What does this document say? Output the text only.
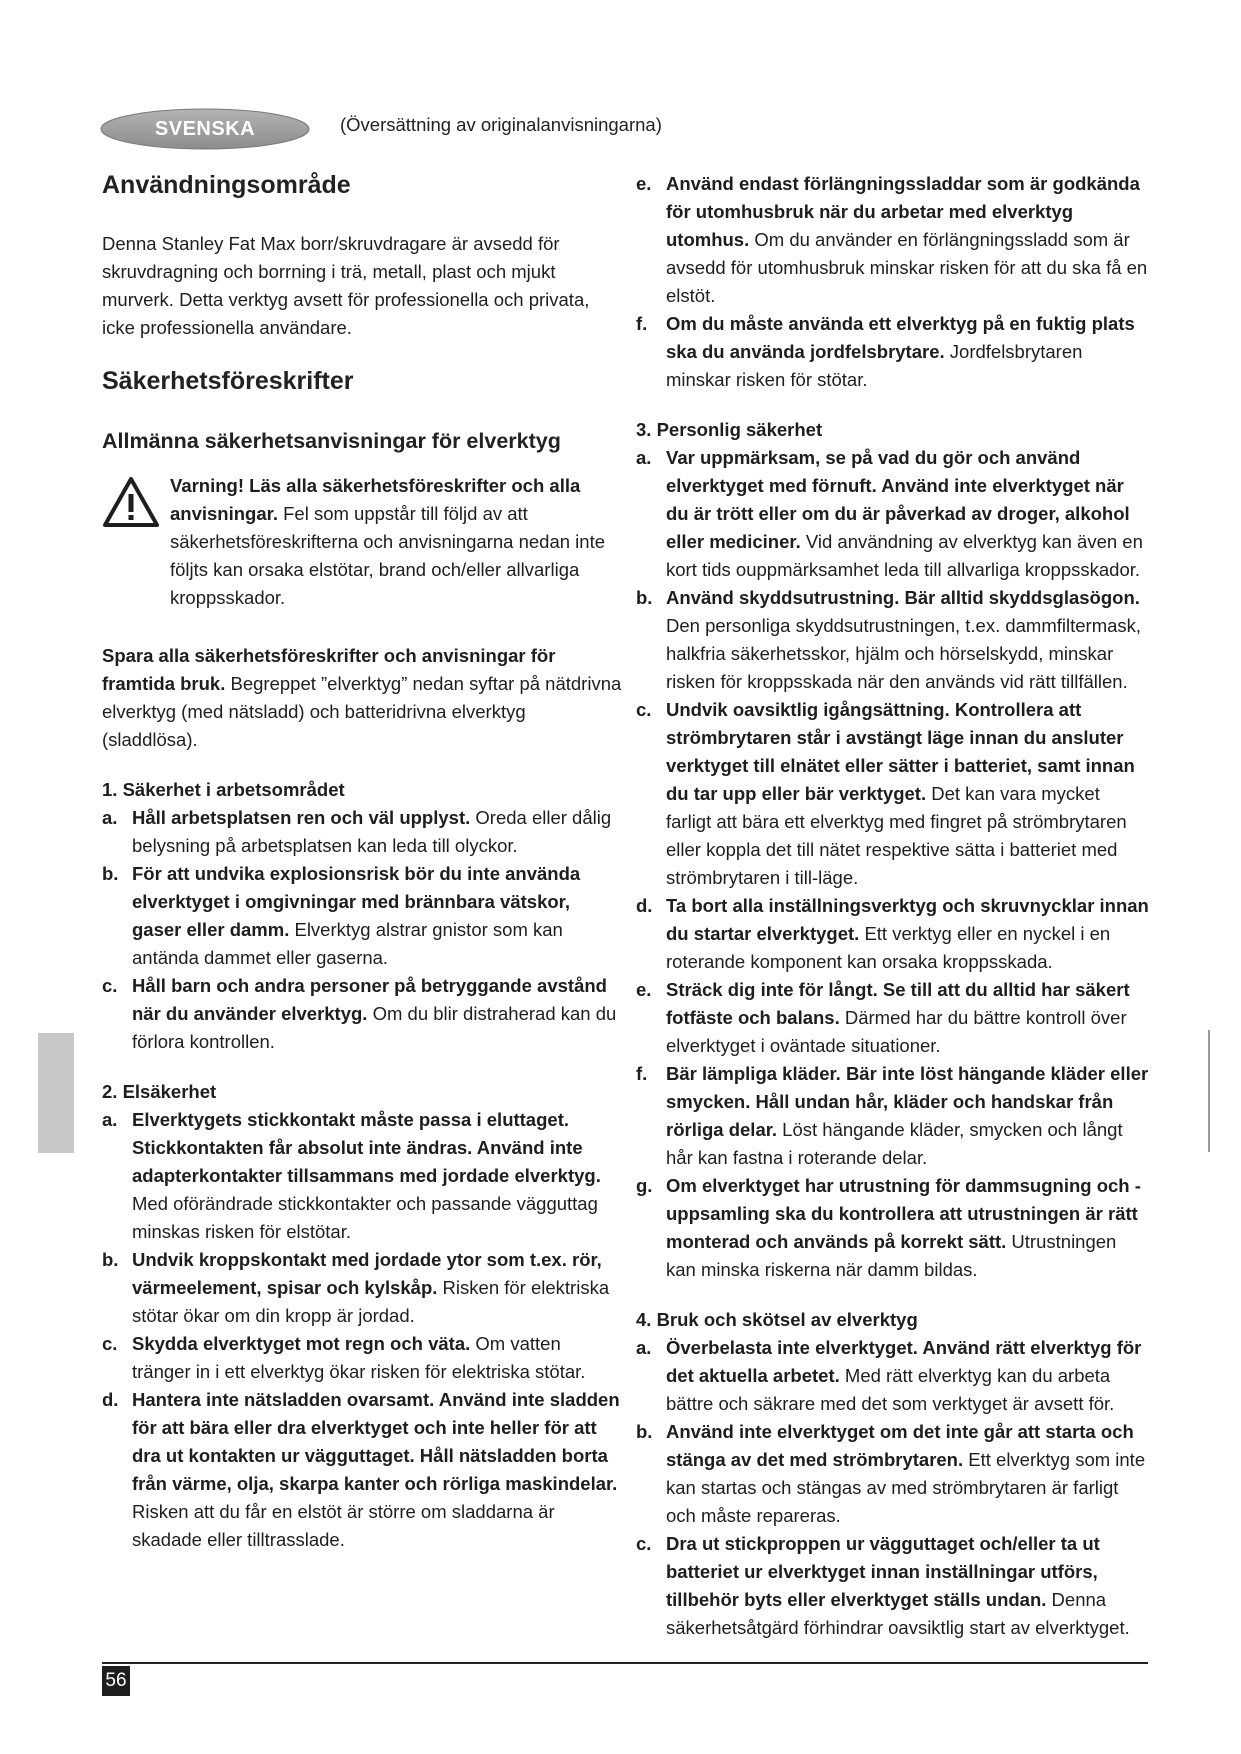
SVENSKA	(Översättning av originalanvisningarna)
Användningsområde

Denna Stanley Fat Max borr/skruvdragare är avsedd för skruvdragning och borrning i trä, metall, plast och mjukt murverk. Detta verktyg avsett för professionella och privata, icke professionella användare.

Säkerhetsföreskrifter
Allmänna säkerhetsanvisningar för elverktyg

Varning! Läs alla säkerhetsföreskrifter och alla anvisningar. Fel som uppstår till följd av att säkerhetsföreskrifterna och anvisningarna nedan inte följts kan orsaka elstötar, brand och/eller allvarliga kroppsskador.

Spara alla säkerhetsföreskrifter och anvisningar för framtida bruk. Begreppet ”elverktyg” nedan syftar på nätdrivna elverktyg (med nätsladd) och batteridrivna elverktyg (sladdlösa).

1. Säkerhet i arbetsområdet

a. Håll arbetsplatsen ren och väl upplyst. Oreda eller dålig belysning på arbetsplatsen kan leda till olyckor.

b. För att undvika explosionsrisk bör du inte använda elverktyget i omgivningar med brännbara vätskor, gaser eller damm. Elverktyg alstrar gnistor som kan antända dammet eller gaserna.

c. Håll barn och andra personer på betryggande avstånd när du använder elverktyg. Om du blir distraherad kan du förlora kontrollen.

2. Elsäkerhet

a. Elverktygets stickkontakt måste passa i eluttaget. Stickkontakten får absolut inte ändras. Använd inte adapterkontakter tillsammans med jordade elverktyg. Med oförändrade stickkontakter och passande vägguttag minskas risken för elstötar.

b. Undvik kroppskontakt med jordade ytor som t.ex. rör, värmeelement, spisar och kylskåp. Risken för elektriska stötar ökar om din kropp är jordad.

c. Skydda elverktyget mot regn och väta. Om vatten tränger in i ett elverktyg ökar risken för elektriska stötar.

d. Hantera inte nätsladden ovarsamt. Använd inte sladden för att bära eller dra elverktyget och inte heller för att dra ut kontakten ur vägguttaget. Håll nätsladden borta från värme, olja, skarpa kanter och rörliga maskindelar. Risken att du får en elstöt är större om sladdarna är skadade eller tilltrasslade.

e. Använd endast förlängningssladdar som är godkända för utomhusbruk när du arbetar med elverktyg utomhus. Om du använder en förlängningssladd som är avsedd för utomhusbruk minskar risken för att du ska få en elstöt.

f. Om du måste använda ett elverktyg på en fuktig plats ska du använda jordfelsbrytare. Jordfelsbrytaren minskar risken för stötar.

3. Personlig säkerhet

a. Var uppmärksam, se på vad du gör och använd elverktyget med förnuft. Använd inte elverktyget när du är trött eller om du är påverkad av droger, alkohol eller mediciner. Vid användning av elverktyg kan även en kort tids ouppmärksamhet leda till allvarliga kroppsskador.

b. Använd skyddsutrustning. Bär alltid skyddsglasögon. Den personliga skyddsutrustningen, t.ex. dammfiltermask, halkfria säkerhetsskor, hjälm och hörselskydd, minskar risken för kroppsskada när den används vid rätt tillfällen.

c. Undvik oavsiktlig igångsättning. Kontrollera att strömbrytaren står i avstängt läge innan du ansluter verktyget till elnätet eller sätter i batteriet, samt innan du tar upp eller bär verktyget. Det kan vara mycket farligt att bära ett elverktyg med fingret på strömbrytaren eller koppla det till nätet respektive sätta i batteriet med strömbrytaren i till-läge.

d. Ta bort alla inställningsverktyg och skruvnycklar innan du startar elverktyget. Ett verktyg eller en nyckel i en roterande komponent kan orsaka kroppsskada.

e. Sträck dig inte för långt. Se till att du alltid har säkert fotfäste och balans. Därmed har du bättre kontroll över elverktyget i oväntade situationer.

f. Bär lämpliga kläder. Bär inte löst hängande kläder eller smycken. Håll undan hår, kläder och handskar från rörliga delar. Löst hängande kläder, smycken och långt hår kan fastna i roterande delar.

g. Om elverktyget har utrustning för dammsugning och -uppsamling ska du kontrollera att utrustningen är rätt monterad och används på korrekt sätt. Utrustningen kan minska riskerna när damm bildas.

4. Bruk och skötsel av elverktyg

a. Överbelasta inte elverktyget. Använd rätt elverktyg för det aktuella arbetet. Med rätt elverktyg kan du arbeta bättre och säkrare med det som verktyget är avsett för.

b. Använd inte elverktyget om det inte går att starta och stänga av det med strömbrytaren. Ett elverktyg som inte kan startas och stängas av med strömbrytaren är farligt och måste repareras.

c. Dra ut stickproppen ur vägguttaget och/eller ta ut batteriet ur elverktyget innan inställningar utförs, tillbehör byts eller elverktyget ställs undan. Denna säkerhetsåtgärd förhindrar oavsiktlig start av elverktyget.

56
